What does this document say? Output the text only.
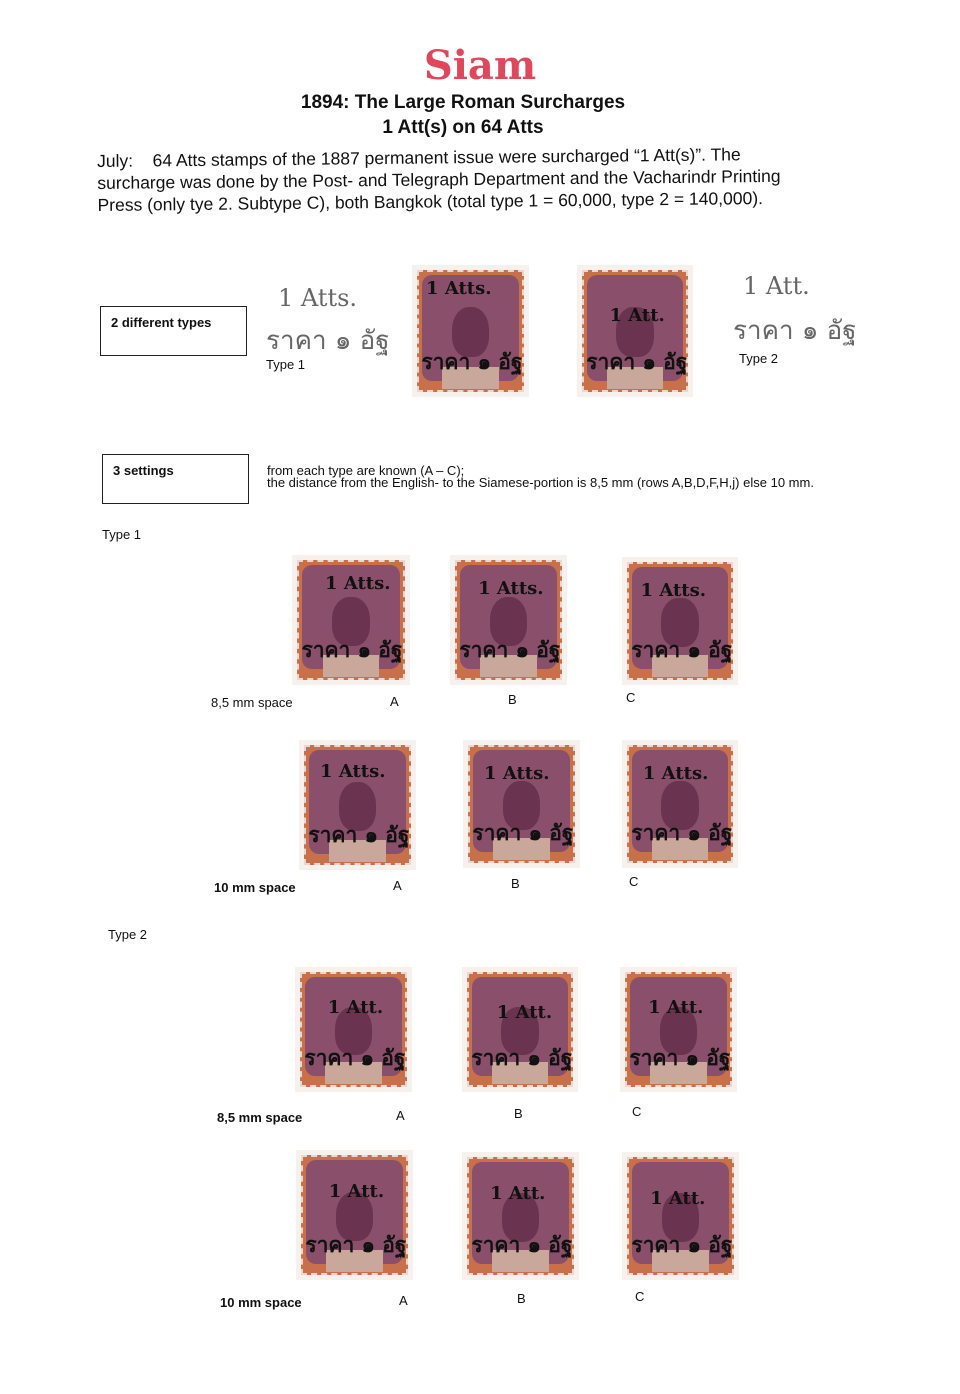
Siam
1894: The Large Roman Surcharges
1 Att(s) on 64 Atts
July:    64 Atts stamps of the 1887 permanent issue were surcharged “1 Att(s)”. The
surcharge was done by the Post- and Telegraph Department and the Vacharindr Printing
Press (only tye 2. Subtype C), both Bangkok (total type 1 = 60,000, type 2 = 140,000).
2 different types
1 Atts.
ราคา ๑ อัฐ
Type 1
1 Att.
ราคา ๑ อัฐ
Type 2
1 Atts.
ราคา ๑ อัฐ
1 Att.
ราคา ๑ อัฐ
3 settings	from each type are known (A – C);
the distance from the English- to the Siamese-portion is 8,5 mm (rows A,B,D,F,H,j) else 10 mm.
Type 1
1 Atts.
ราคา ๑ อัฐ
1 Atts.
ราคา ๑ อัฐ
1 Atts.
ราคา ๑ อัฐ
8,5 mm space	A	B	C
1 Atts.
ราคา ๑ อัฐ
1 Atts.
ราคา ๑ อัฐ
1 Atts.
ราคา ๑ อัฐ
10 mm space	A	B	C
Type 2
1 Att.
ราคา ๑ อัฐ
1 Att.
ราคา ๑ อัฐ
1 Att.
ราคา ๑ อัฐ
8,5 mm space	A	B	C
1 Att.
ราคา ๑ อัฐ
1 Att.
ราคา ๑ อัฐ
1 Att.
ราคา ๑ อัฐ
10 mm space	A	B	C
